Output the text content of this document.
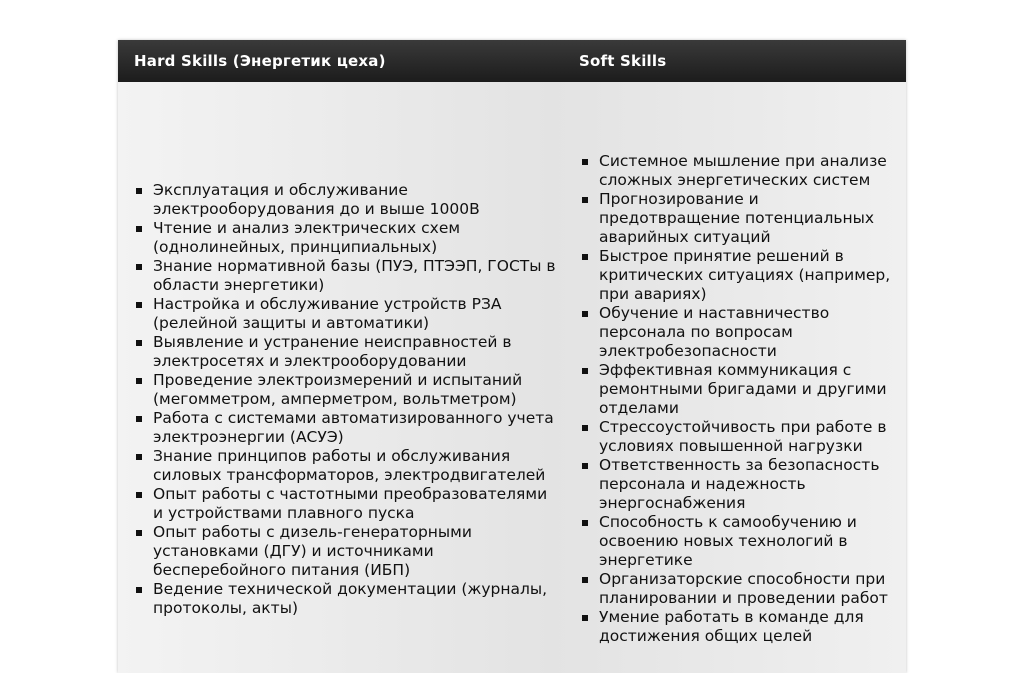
Hard Skills (Энергетик цеха)	Soft Skills
Эксплуатация и обслуживание электрооборудования до и выше 1000В
Чтение и анализ электрических схем (однолинейных, принципиальных)
Знание нормативной базы (ПУЭ, ПТЭЭП, ГОСТы в области энергетики)
Настройка и обслуживание устройств РЗА (релейной защиты и автоматики)
Выявление и устранение неисправностей в электросетях и электрооборудовании
Проведение электроизмерений и испытаний (мегомметром, амперметром, вольтметром)
Работа с системами автоматизированного учета электроэнергии (АСУЭ)
Знание принципов работы и обслуживания силовых трансформаторов, электродвигателей
Опыт работы с частотными преобразователями и устройствами плавного пуска
Опыт работы с дизель-генераторными установками (ДГУ) и источниками бесперебойного питания (ИБП)
Ведение технической документации (журналы, протоколы, акты)
Системное мышление при анализе сложных энергетических систем
Прогнозирование и предотвращение потенциальных аварийных ситуаций
Быстрое принятие решений в критических ситуациях (например, при авариях)
Обучение и наставничество персонала по вопросам электробезопасности
Эффективная коммуникация с ремонтными бригадами и другими отделами
Стрессоустойчивость при работе в условиях повышенной нагрузки
Ответственность за безопасность персонала и надежность энергоснабжения
Способность к самообучению и освоению новых технологий в энергетике
Организаторские способности при планировании и проведении работ
Умение работать в команде для достижения общих целей
